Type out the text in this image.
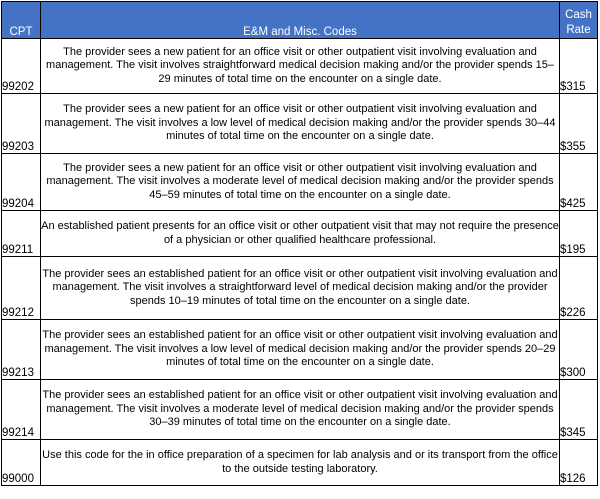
CPT	E&M and Misc. Codes	Cash Rate
99202	The provider sees a new patient for an office visit or other outpatient visit involving evaluation and management. The visit involves straightforward medical decision making and/or the provider spends 15–29 minutes of total time on the encounter on a single date.	$315
99203	The provider sees a new patient for an office visit or other outpatient visit involving evaluation and management. The visit involves a low level of medical decision making and/or the provider spends 30–44 minutes of total time on the encounter on a single date.	$355
99204	The provider sees a new patient for an office visit or other outpatient visit involving evaluation and management. The visit involves a moderate level of medical decision making and/or the provider spends 45–59 minutes of total time on the encounter on a single date.	$425
99211	An established patient presents for an office visit or other outpatient visit that may not require the presence of a physician or other qualified healthcare professional.	$195
99212	The provider sees an established patient for an office visit or other outpatient visit involving evaluation and management. The visit involves a straightforward level of medical decision making and/or the provider spends 10–19 minutes of total time on the encounter on a single date.	$226
99213	The provider sees an established patient for an office visit or other outpatient visit involving evaluation and management. The visit involves a low level of medical decision making and/or the provider spends 20–29 minutes of total time on the encounter on a single date.	$300
99214	The provider sees an established patient for an office visit or other outpatient visit involving evaluation and management. The visit involves a moderate level of medical decision making and/or the provider spends 30–39 minutes of total time on the encounter on a single date.	$345
99000	Use this code for the in office preparation of a specimen for lab analysis and or its transport from the office to the outside testing laboratory.	$126
